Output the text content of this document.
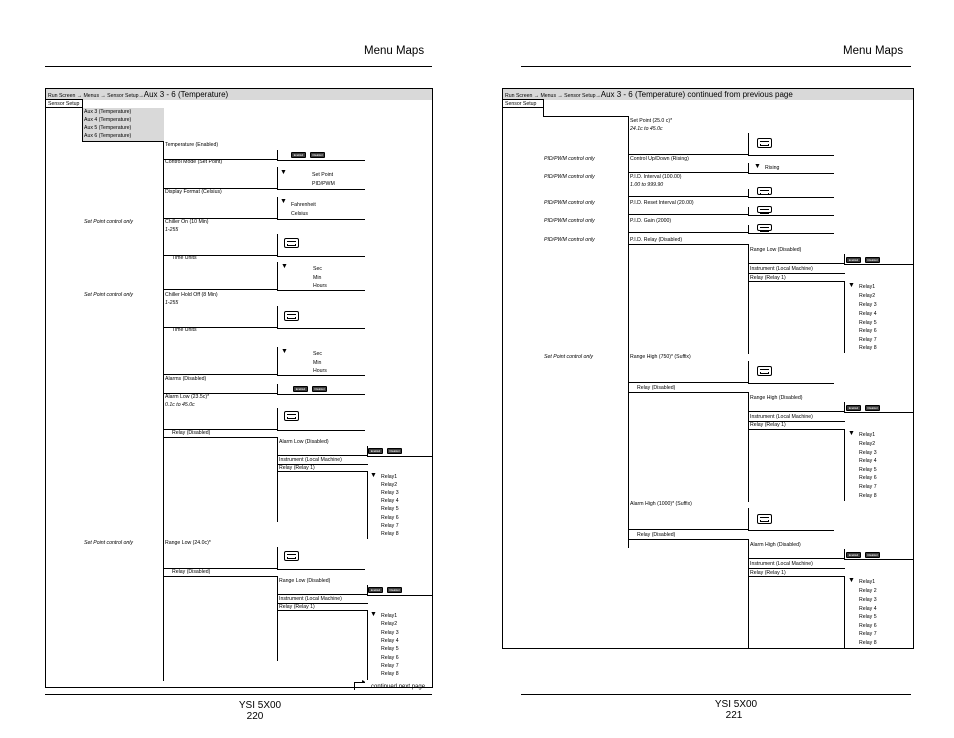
Menu Maps
Run Screen → Menus → Sensor Setup→Aux 3 - 6 (Temperature)
Sensor Setup
Aux 3 (Temperature)
Aux 4 (Temperature)
Aux 5 (Temperature)
Aux 6 (Temperature)
Temperature (Enabled)
Enabled	Disabled
Control Mode (Set Point)
▼	Set Point
PID/PWM
Display Format (Celsius)
▼ Fahrenheit
Celsius
Set Point control only	Chiller On (10 Min)
1-255
Time Units
▼	Sec
Min
Hours
Set Point control only	Chiller Hold Off (8 Min)
1-255
Time Units
▼	Sec
Min
Hours
Alarms (Disabled)
Enabled	Disabled
Alarm Low (23.5c)*
0.1c to 45.0c
Relay (Disabled)
Alarm Low (Disabled)
Enabled	Disabled
Instrument (Local Machine)
Relay (Relay 1)
▼ Relay1
Relay2
Relay 3
Relay 4
Relay 5
Relay 6
Relay 7
Relay 8
Set Point control only	Range Low (24.0c)*
Relay (Disabled)
Range Low (Disabled)
Enabled	Disabled
Instrument (Local Machine)
Relay (Relay 1)
▼ Relay1
Relay2
Relay 3
Relay 4
Relay 5
Relay 6
Relay 7
Relay 8
▸
continued next page
YSI 5X00
220
Menu Maps
Run Screen → Menus → Sensor Setup→Aux 3 - 6 (Temperature) continued from previous page
Sensor Setup
Set Point (25.0 c)*
24.1c to 45.0c
PID/PWM control only	Control Up/Down (Rising)
▼ Rising
PID/PWM control only	P.I.D. Interval (100.00)
1.00 to 999.90
PID/PWM control only	P.I.D. Reset Interval (20.00)
PID/PWM control only	P.I.D. Gain (2000)
PID/PWM control only	P.I.D. Relay (Disabled)
Range Low (Disabled)
Enabled	Disabled
Instrument (Local Machine)
Relay (Relay 1)
▼ Relay1
Relay2
Relay 3
Relay 4
Relay 5
Relay 6
Relay 7
Relay 8
Set Point control only	Range High (750)* (Suffix)
Relay (Disabled)
Range High (Disabled)
Enabled	Disabled
Instrument (Local Machine)
Relay (Relay 1)
▼ Relay1
Relay2
Relay 3
Relay 4
Relay 5
Relay 6
Relay 7
Relay 8
Alarm High (1000)* (Suffix)
Relay (Disabled)
Alarm High (Disabled)
Enabled	Disabled
Instrument (Local Machine)
Relay (Relay 1)
▼ Relay1
Relay 2
Relay 3
Relay 4
Relay 5
Relay 6
Relay 7
Relay 8
YSI 5X00
221
